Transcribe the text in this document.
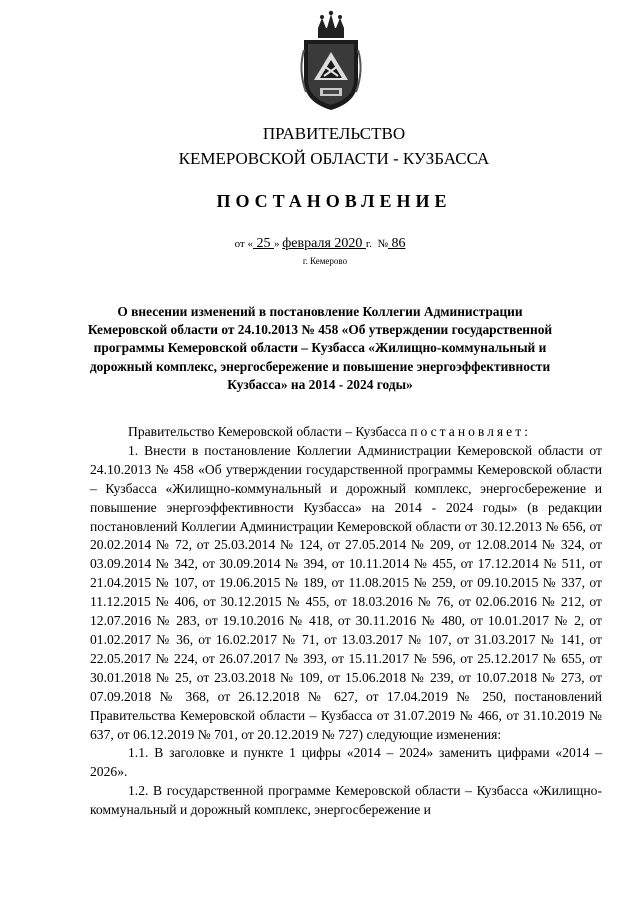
ПРАВИТЕЛЬСТВО
КЕМЕРОВСКОЙ ОБЛАСТИ - КУЗБАССА
ПОСТАНОВЛЕНИЕ
от « 25 » февраля 2020 г. № 86
г. Кемерово
О внесении изменений в постановление Коллегии Администрации Кемеровской области от 24.10.2013 № 458 «Об утверждении государственной программы Кемеровской области – Кузбасса «Жилищно-коммунальный и дорожный комплекс, энергосбережение и повышение энергоэффективности Кузбасса» на 2014 - 2024 годы»

Правительство Кемеровской области – Кузбасса постановляет:

1. Внести в постановление Коллегии Администрации Кемеровской области от 24.10.2013 № 458 «Об утверждении государственной программы Кемеровской области – Кузбасса «Жилищно-коммунальный и дорожный комплекс, энергосбережение и повышение энергоэффективности Кузбасса» на 2014 - 2024 годы» (в редакции постановлений Коллегии Администрации Кемеровской области от 30.12.2013 № 656, от 20.02.2014 № 72, от 25.03.2014 № 124, от 27.05.2014 № 209, от 12.08.2014 № 324, от 03.09.2014 № 342, от 30.09.2014 № 394, от 10.11.2014 № 455, от 17.12.2014 № 511, от 21.04.2015 № 107, от 19.06.2015 № 189, от 11.08.2015 № 259, от 09.10.2015 № 337, от 11.12.2015 № 406, от 30.12.2015 № 455, от 18.03.2016 № 76, от 02.06.2016 № 212, от 12.07.2016 № 283, от 19.10.2016 № 418, от 30.11.2016 № 480, от 10.01.2017 № 2, от 01.02.2017 № 36, от 16.02.2017 № 71, от 13.03.2017 № 107, от 31.03.2017 № 141, от 22.05.2017 № 224, от 26.07.2017 № 393, от 15.11.2017 № 596, от 25.12.2017 № 655, от 30.01.2018 № 25, от 23.03.2018 № 109, от 15.06.2018 № 239, от 10.07.2018 № 273, от 07.09.2018 № 368, от 26.12.2018 № 627, от 17.04.2019 № 250, постановлений Правительства Кемеровской области – Кузбасса от 31.07.2019 № 466, от 31.10.2019 № 637, от 06.12.2019 № 701, от 20.12.2019 № 727) следующие изменения:

1.1. В заголовке и пункте 1 цифры «2014 – 2024» заменить цифрами «2014 – 2026».

1.2. В государственной программе Кемеровской области – Кузбасса «Жилищно-коммунальный и дорожный комплекс, энергосбережение и
